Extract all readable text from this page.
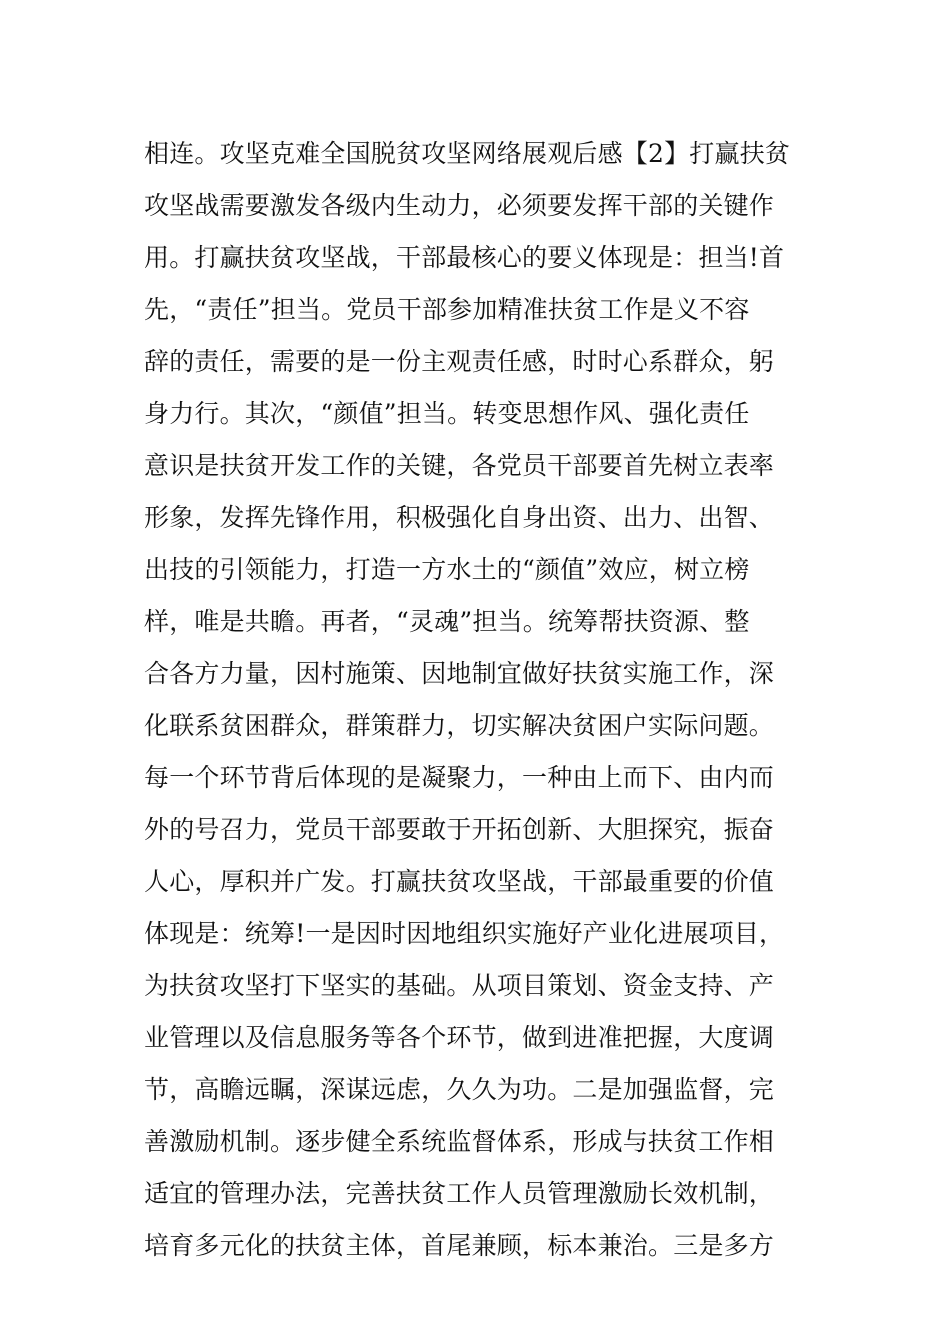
相连。攻坚克难全国脱贫攻坚网络展观后感【2】打赢扶贫
攻坚战需要激发各级内生动力，必须要发挥干部的关键作
用。打赢扶贫攻坚战，干部最核心的要义体现是：担当!首
先，“责任”担当。党员干部参加精准扶贫工作是义不容
辞的责任，需要的是一份主观责任感，时时心系群众，躬
身力行。其次，“颜值”担当。转变思想作风、强化责任
意识是扶贫开发工作的关键，各党员干部要首先树立表率
形象，发挥先锋作用，积极强化自身出资、出力、出智、
出技的引领能力，打造一方水土的“颜值”效应，树立榜
样，唯是共瞻。再者，“灵魂”担当。统筹帮扶资源、整
合各方力量，因村施策、因地制宜做好扶贫实施工作，深
化联系贫困群众，群策群力，切实解决贫困户实际问题。
每一个环节背后体现的是凝聚力，一种由上而下、由内而
外的号召力，党员干部要敢于开拓创新、大胆探究，振奋
人心，厚积并广发。打赢扶贫攻坚战，干部最重要的价值
体现是：统筹!一是因时因地组织实施好产业化进展项目，
为扶贫攻坚打下坚实的基础。从项目策划、资金支持、产
业管理以及信息服务等各个环节，做到进准把握，大度调
节，高瞻远瞩，深谋远虑，久久为功。二是加强监督，完
善激励机制。逐步健全系统监督体系，形成与扶贫工作相
适宜的管理办法，完善扶贫工作人员管理激励长效机制，
培育多元化的扶贫主体，首尾兼顾，标本兼治。三是多方
